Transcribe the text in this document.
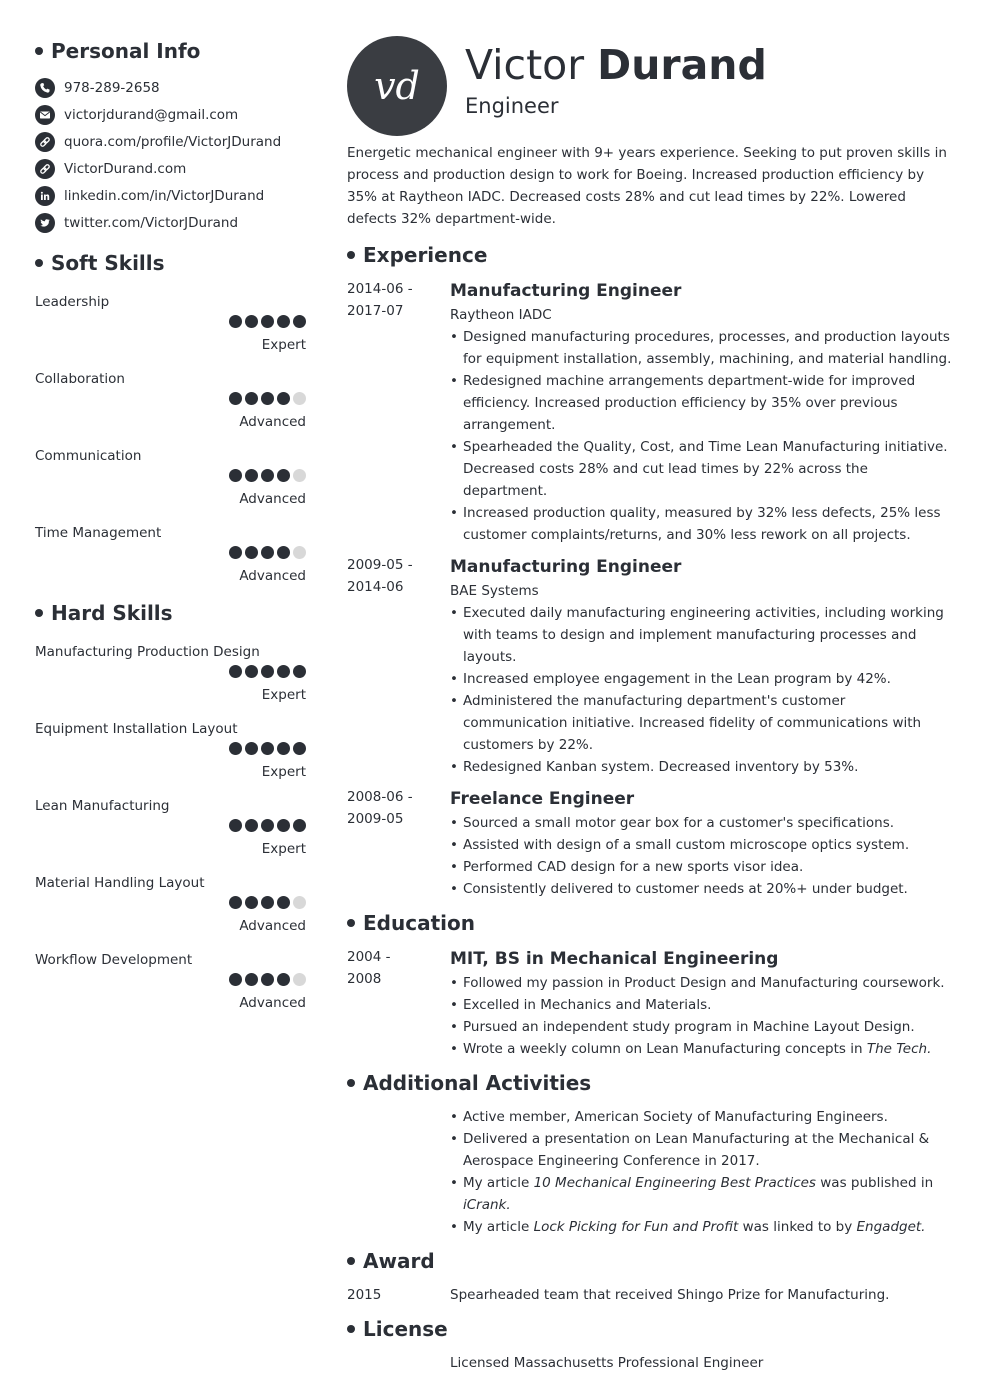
Personal Info
978-289-2658
victorjdurand@gmail.com
quora.com/profile/VictorJDurand
VictorDurand.com
linkedin.com/in/VictorJDurand
twitter.com/VictorJDurand
Soft Skills
Leadership
Expert
Collaboration
Advanced
Communication
Advanced
Time Management
Advanced
Hard Skills
Manufacturing Production Design
Expert
Equipment Installation Layout
Expert
Lean Manufacturing
Expert
Material Handling Layout
Advanced
Workflow Development
Advanced
vd	Victor Durand
Engineer

Energetic mechanical engineer with 9+ years experience. Seeking to put proven skills in process and production design to work for Boeing. Increased production efficiency by 35% at Raytheon IADC. Decreased costs 28% and cut lead times by 22%. Lowered defects 32% department-wide.

Experience
2014-06 -
2017-07
Manufacturing Engineer
Raytheon IADC
• Designed manufacturing procedures, processes, and production layouts for equipment installation, assembly, machining, and material handling.
• Redesigned machine arrangements department-wide for improved efficiency. Increased production efficiency by 35% over previous arrangement.
• Spearheaded the Quality, Cost, and Time Lean Manufacturing initiative. Decreased costs 28% and cut lead times by 22% across the department.
• Increased production quality, measured by 32% less defects, 25% less customer complaints/returns, and 30% less rework on all projects.
2009-05 -
2014-06
Manufacturing Engineer
BAE Systems
• Executed daily manufacturing engineering activities, including working with teams to design and implement manufacturing processes and layouts.
• Increased employee engagement in the Lean program by 42%.
• Administered the manufacturing department's customer communication initiative. Increased fidelity of communications with customers by 22%.
• Redesigned Kanban system. Decreased inventory by 53%.
2008-06 -
2009-05
Freelance Engineer
• Sourced a small motor gear box for a customer's specifications.
• Assisted with design of a small custom microscope optics system.
• Performed CAD design for a new sports visor idea.
• Consistently delivered to customer needs at 20%+ under budget.
Education
2004 -
2008
MIT, BS in Mechanical Engineering
• Followed my passion in Product Design and Manufacturing coursework.
• Excelled in Mechanics and Materials.
• Pursued an independent study program in Machine Layout Design.
• Wrote a weekly column on Lean Manufacturing concepts in The Tech.
Additional Activities
• Active member, American Society of Manufacturing Engineers.
• Delivered a presentation on Lean Manufacturing at the Mechanical & Aerospace Engineering Conference in 2017.
• My article 10 Mechanical Engineering Best Practices was published in iCrank.
• My article Lock Picking for Fun and Profit was linked to by Engadget.
Award
2015	Spearheaded team that received Shingo Prize for Manufacturing.
License
Licensed Massachusetts Professional Engineer
